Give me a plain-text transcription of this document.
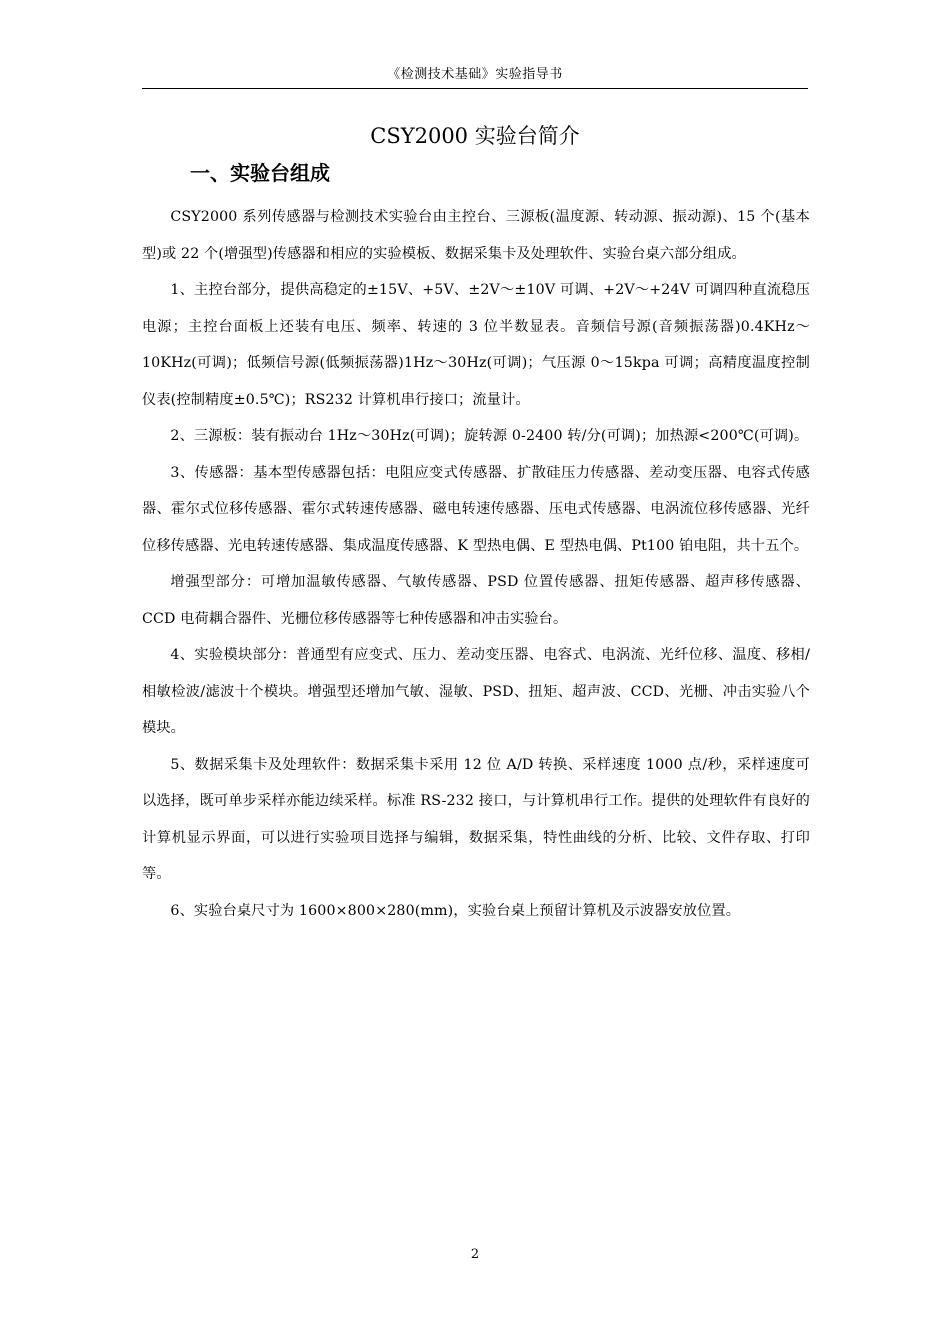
《检测技术基础》实验指导书
CSY2000 实验台简介
一、实验台组成

CSY2000 系列传感器与检测技术实验台由主控台、三源板(温度源、转动源、振动源)、15 个(基本型)或 22 个(增强型)传感器和相应的实验模板、数据采集卡及处理软件、实验台桌六部分组成。

1、主控台部分，提供高稳定的±15V、+5V、±2V～±10V 可调、+2V～+24V 可调四种直流稳压电源；主控台面板上还装有电压、频率、转速的 3 位半数显表。音频信号源(音频振荡器)0.4KHz～10KHz(可调)；低频信号源(低频振荡器)1Hz～30Hz(可调)；气压源 0～15kpa 可调；高精度温度控制仪表(控制精度±0.5℃)；RS232 计算机串行接口；流量计。

2、三源板：装有振动台 1Hz～30Hz(可调)；旋转源 0-2400 转/分(可调)；加热源<200℃(可调)。

3、传感器：基本型传感器包括：电阻应变式传感器、扩散硅压力传感器、差动变压器、电容式传感器、霍尔式位移传感器、霍尔式转速传感器、磁电转速传感器、压电式传感器、电涡流位移传感器、光纤位移传感器、光电转速传感器、集成温度传感器、K 型热电偶、E 型热电偶、Pt100 铂电阻，共十五个。

增强型部分：可增加温敏传感器、气敏传感器、PSD 位置传感器、扭矩传感器、超声移传感器、CCD 电荷耦合器件、光栅位移传感器等七种传感器和冲击实验台。

4、实验模块部分：普通型有应变式、压力、差动变压器、电容式、电涡流、光纤位移、温度、移相/相敏检波/滤波十个模块。增强型还增加气敏、湿敏、PSD、扭矩、超声波、CCD、光栅、冲击实验八个模块。

5、数据采集卡及处理软件：数据采集卡采用 12 位 A/D 转换、采样速度 1000 点/秒，采样速度可以选择，既可单步采样亦能边续采样。标准 RS-232 接口，与计算机串行工作。提供的处理软件有良好的计算机显示界面，可以进行实验项目选择与编辑，数据采集，特性曲线的分析、比较、文件存取、打印等。

6、实验台桌尺寸为 1600×800×280(mm)，实验台桌上预留计算机及示波器安放位置。

2
